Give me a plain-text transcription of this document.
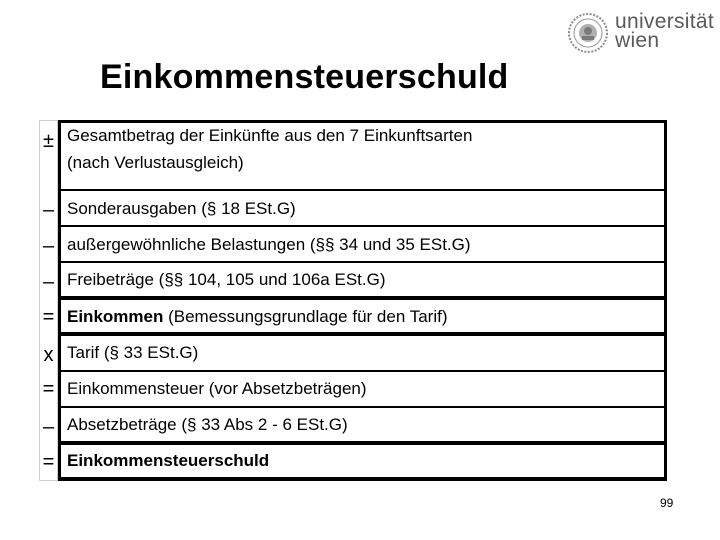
Einkommensteuerschuld
universität
wien
± Gesamtbetrag der Einkünfte aus den 7 Einkunftsarten
(nach Verlustausgleich)
– Sonderausgaben (§ 18 ESt.G)
– außergewöhnliche Belastungen (§§ 34 und 35 ESt.G)
– Freibeträge (§§ 104, 105 und 106a ESt.G)
= Einkommen (Bemessungsgrundlage für den Tarif)
x Tarif (§ 33 ESt.G)
= Einkommensteuer (vor Absetzbeträgen)
– Absetzbeträge (§ 33 Abs 2 - 6 ESt.G)
= Einkommensteuerschuld
99
